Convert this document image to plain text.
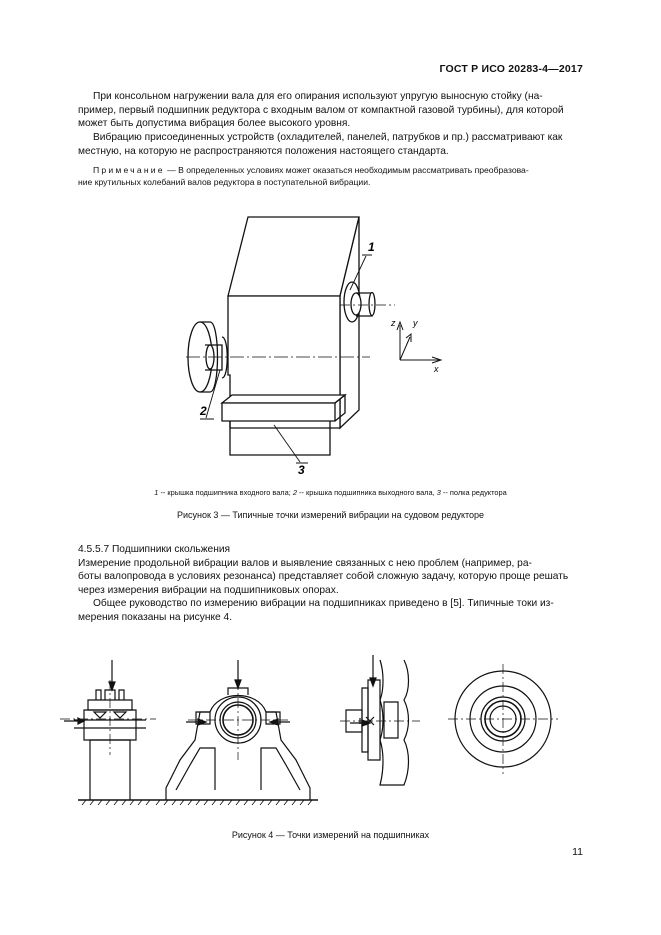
ГОСТ Р ИСО 20283-4—2017
При консольном нагружении вала для его опирания используют упругую выносную стойку (на-
пример, первый подшипник редуктора с входным валом от компактной газовой турбины), для которой
может быть допустима вибрация более высокого уровня.
Вибрацию присоединенных устройств (охладителей, панелей, патрубков и пр.) рассматривают как
местную, на которую не распространяются положения настоящего стандарта.
Примечание — В определенных условиях может оказаться необходимым рассматривать преобразова-
ние крутильных колебаний валов редуктора в поступательной вибрации.
1
2
3
z y
x
1 -- крышка подшипника входного вала; 2 -- крышка подшипника выходного вала, 3 -- полка редуктора
Рисунок 3 — Типичные точки измерений вибрации на судовом редукторе
4.5.5.7 Подшипники скольжения
Измерение продольной вибрации валов и выявление связанных с нею проблем (например, ра-
боты валопровода в условиях резонанса) представляет собой сложную задачу, которую проще решать
через измерения вибрации на подшипниковых опорах.
Общее руководство по измерению вибрации на подшипниках приведено в [5]. Типичные токи из-
мерения показаны на рисунке 4.
Рисунок 4 — Точки измерений на подшипниках
11
